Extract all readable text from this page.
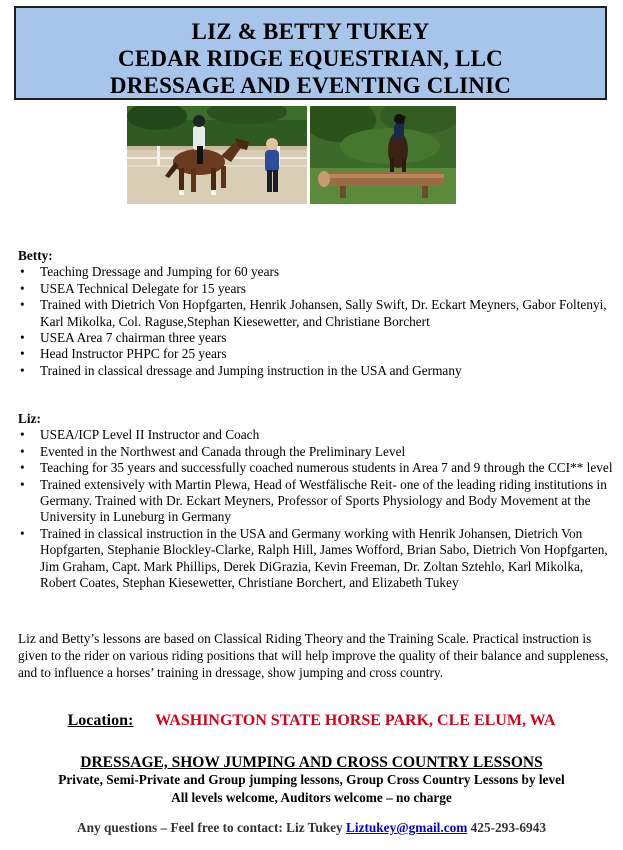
LIZ & BETTY TUKEY
CEDAR RIDGE EQUESTRIAN, LLC
DRESSAGE AND EVENTING CLINIC
Betty:
• Teaching Dressage and Jumping for 60 years
• USEA Technical Delegate for 15 years
• Trained with Dietrich Von Hopfgarten, Henrik Johansen, Sally Swift, Dr. Eckart Meyners, Gabor Foltenyi, Karl Mikolka, Col. Raguse,Stephan Kiesewetter, and Christiane Borchert
• USEA Area 7 chairman three years
• Head Instructor PHPC for 25 years
• Trained in classical dressage and Jumping instruction in the USA and Germany
Liz:
• USEA/ICP Level II Instructor and Coach
• Evented in the Northwest and Canada through the Preliminary Level
• Teaching for 35 years and successfully coached numerous students in Area 7 and 9 through the CCI** level
• Trained extensively with Martin Plewa, Head of Westfälische Reit- one of the leading riding institutions in Germany. Trained with Dr. Eckart Meyners, Professor of Sports Physiology and Body Movement at the University in Luneburg in Germany
• Trained in classical instruction in the USA and Germany working with Henrik Johansen, Dietrich Von Hopfgarten, Stephanie Blockley-Clarke, Ralph Hill, James Wofford, Brian Sabo, Dietrich Von Hopfgarten, Jim Graham, Capt. Mark Phillips, Derek DiGrazia, Kevin Freeman, Dr. Zoltan Sztehlo, Karl Mikolka, Robert Coates, Stephan Kiesewetter, Christiane Borchert, and Elizabeth Tukey
Liz and Betty’s lessons are based on Classical Riding Theory and the Training Scale. Practical instruction is given to the rider on various riding positions that will help improve the quality of their balance and suppleness, and to influence a horses’ training in dressage, show jumping and cross country.
Location: WASHINGTON STATE HORSE PARK, CLE ELUM, WA
DRESSAGE, SHOW JUMPING AND CROSS COUNTRY LESSONS
Private, Semi-Private and Group jumping lessons, Group Cross Country Lessons by level
All levels welcome, Auditors welcome – no charge
Any questions – Feel free to contact: Liz Tukey Liztukey@gmail.com 425-293-6943
